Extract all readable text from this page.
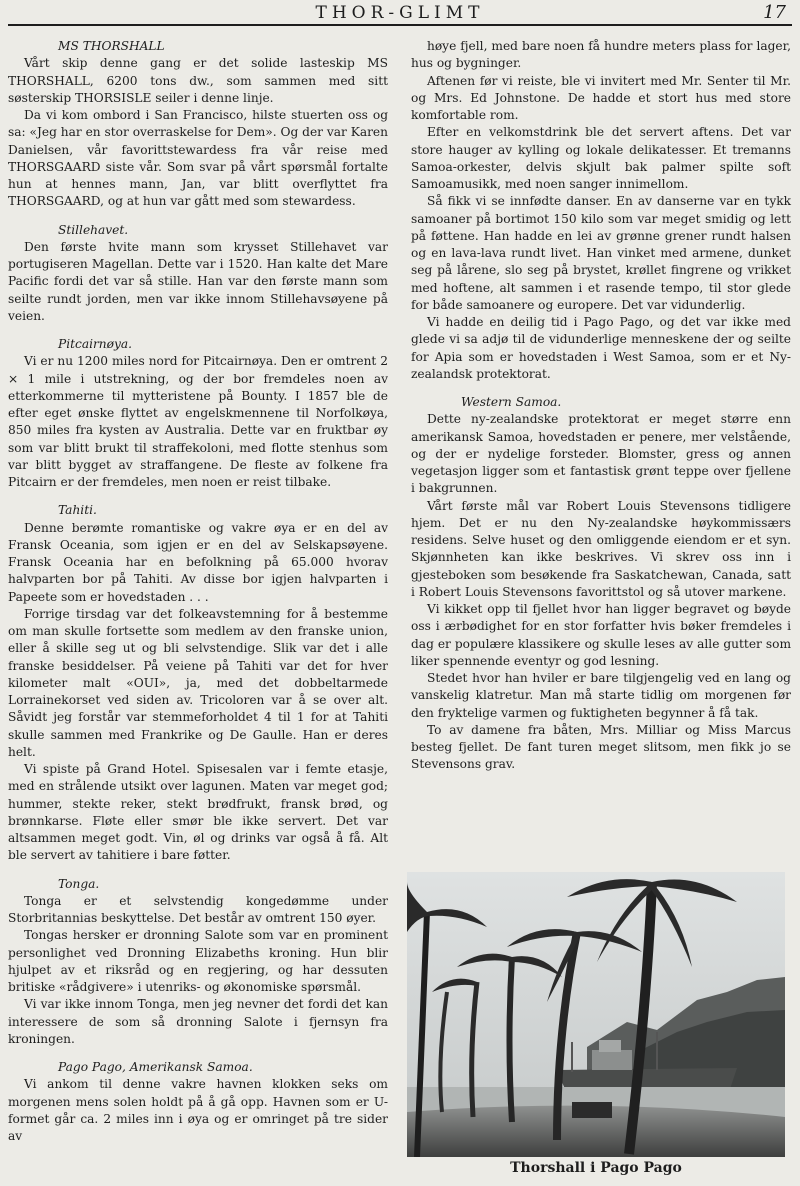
THOR-GLIMT	17
MS THORSHALL

Vårt skip denne gang er det solide lasteskip MS THORSHALL, 6200 tons dw., som sammen med sitt søsterskip THORSISLE seiler i denne linje.

Da vi kom ombord i San Francisco, hilste stuerten oss og sa: «Jeg har en stor overraskelse for Dem». Og der var Karen Danielsen, vår favorittstewardess fra vår reise med THORSGAARD siste vår. Som svar på vårt spørsmål fortalte hun at hennes mann, Jan, var blitt overflyttet fra THORSGAARD, og at hun var gått med som stewardess.

Stillehavet.

Den første hvite mann som krysset Stillehavet var portugiseren Magellan. Dette var i 1520. Han kalte det Mare Pacific fordi det var så stille. Han var den første mann som seilte rundt jorden, men var ikke innom Stillehavsøyene på veien.

Pitcairnøya.

Vi er nu 1200 miles nord for Pitcairnøya. Den er omtrent 2 × 1 mile i utstrekning, og der bor fremdeles noen av etterkommerne til mytteristene på Bounty. I 1857 ble de efter eget ønske flyttet av engelskmennene til Norfolkøya, 850 miles fra kysten av Australia. Dette var en fruktbar øy som var blitt brukt til straffekoloni, med flotte stenhus som var blitt bygget av straffangene. De fleste av folkene fra Pitcairn er der fremdeles, men noen er reist tilbake.

Tahiti.

Denne berømte romantiske og vakre øya er en del av Fransk Oceania, som igjen er en del av Selskapsøyene. Fransk Oceania har en befolkning på 65.000 hvorav halvparten bor på Tahiti. Av disse bor igjen halvparten i Papeete som er hovedstaden . . .

Forrige tirsdag var det folkeavstemning for å bestemme om man skulle fortsette som medlem av den franske union, eller å skille seg ut og bli selvstendige. Slik var det i alle franske besiddelser. På veiene på Tahiti var det for hver kilometer malt «OUI», ja, med det dobbeltarmede Lorrainekorset ved siden av. Tricoloren var å se over alt. Såvidt jeg forstår var stemmeforholdet 4 til 1 for at Tahiti skulle sammen med Frankrike og De Gaulle. Han er deres helt.

Vi spiste på Grand Hotel. Spisesalen var i femte etasje, med en strålende utsikt over lagunen. Maten var meget god; hummer, stekte reker, stekt brødfrukt, fransk brød, og brønnkarse. Fløte eller smør ble ikke servert. Det var altsammen meget godt. Vin, øl og drinks var også å få. Alt ble servert av tahitiere i bare føtter.

Tonga.

Tonga er et selvstendig kongedømme under Storbritannias beskyttelse. Det består av omtrent 150 øyer.

Tongas hersker er dronning Salote som var en prominent personlighet ved Dronning Elizabeths kroning. Hun blir hjulpet av et riksråd og en regjering, og har dessuten britiske «rådgivere» i utenriks- og økonomiske spørsmål.

Vi var ikke innom Tonga, men jeg nevner det fordi det kan interessere de som så dronning Salote i fjernsyn fra kroningen.

Pago Pago, Amerikansk Samoa.

Vi ankom til denne vakre havnen klokken seks om morgenen mens solen holdt på å gå opp. Havnen som er U-formet går ca. 2 miles inn i øya og er omringet på tre sider av

høye fjell, med bare noen få hundre meters plass for lager, hus og bygninger.

Aftenen før vi reiste, ble vi invitert med Mr. Senter til Mr. og Mrs. Ed Johnstone. De hadde et stort hus med store komfortable rom.

Efter en velkomstdrink ble det servert aftens. Det var store hauger av kylling og lokale delikatesser. Et tremanns Samoa-orkester, delvis skjult bak palmer spilte soft Samoamusikk, med noen sanger innimellom.

Så fikk vi se innfødte danser. En av danserne var en tykk samoaner på bortimot 150 kilo som var meget smidig og lett på føttene. Han hadde en lei av grønne grener rundt halsen og en lava-lava rundt livet. Han vinket med armene, dunket seg på lårene, slo seg på brystet, krøllet fingrene og vrikket med hoftene, alt sammen i et rasende tempo, til stor glede for både samoanere og europere. Det var vidunderlig.

Vi hadde en deilig tid i Pago Pago, og det var ikke med glede vi sa adjø til de vidunderlige menneskene der og seilte for Apia som er hovedstaden i West Samoa, som er et Ny-zealandsk protektorat.

Western Samoa.

Dette ny-zealandske protektorat er meget større enn amerikansk Samoa, hovedstaden er penere, mer velstående, og der er nydelige forsteder. Blomster, gress og annen vegetasjon ligger som et fantastisk grønt teppe over fjellene i bakgrunnen.

Vårt første mål var Robert Louis Stevensons tidligere hjem. Det er nu den Ny-zealandske høykommissærs residens. Selve huset og den omliggende eiendom er et syn. Skjønnheten kan ikke beskrives. Vi skrev oss inn i gjesteboken som besøkende fra Saskatchewan, Canada, satt i Robert Louis Stevensons favorittstol og så utover markene.

Vi kikket opp til fjellet hvor han ligger begravet og bøyde oss i ærbødighet for en stor forfatter hvis bøker fremdeles i dag er populære klassikere og skulle leses av alle gutter som liker spennende eventyr og god lesning.

Stedet hvor han hviler er bare tilgjengelig ved en lang og vanskelig klatretur. Man må starte tidlig om morgenen før den fryktelige varmen og fuktigheten begynner å få tak.

To av damene fra båten, Mrs. Milliar og Miss Marcus besteg fjellet. De fant turen meget slitsom, men fikk jo se Stevensons grav.

Thorshall i Pago Pago
